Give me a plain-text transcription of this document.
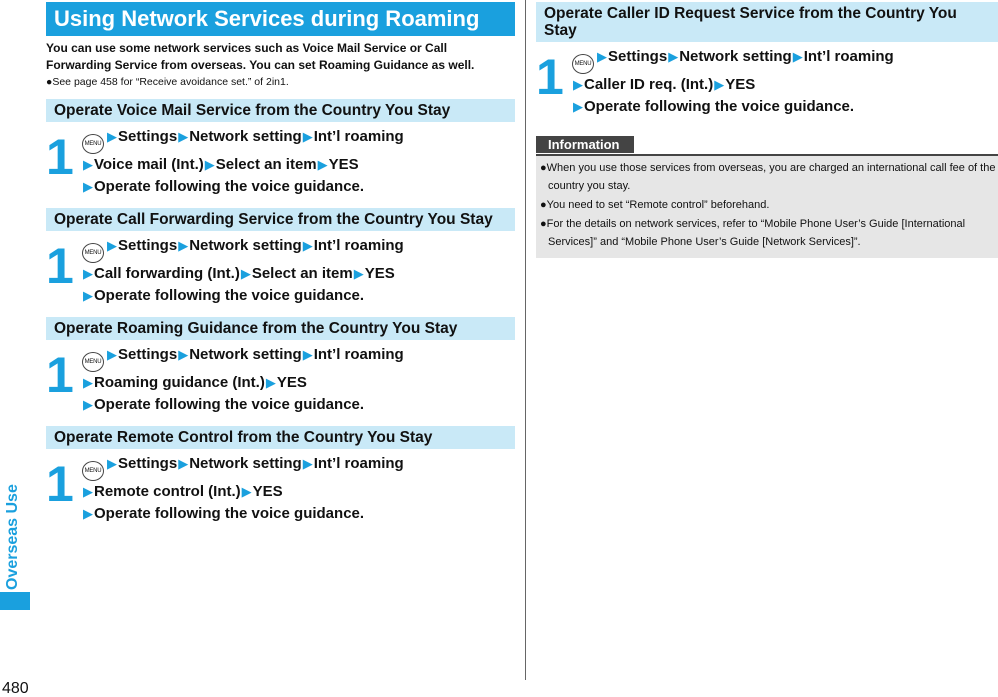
Overseas Use
480
Using Network Services during Roaming
You can use some network services such as Voice Mail Service or Call Forwarding Service from overseas. You can set Roaming Guidance as well.
●See page 458 for “Receive avoidance set.” of 2in1.
Operate Voice Mail Service from the Country You Stay
1	MENU ▶Settings▶Network setting▶Int’l roaming
▶Voice mail (Int.)▶Select an item▶YES
▶Operate following the voice guidance.
Operate Call Forwarding Service from the Country You Stay
1	MENU ▶Settings▶Network setting▶Int’l roaming
▶Call forwarding (Int.)▶Select an item▶YES
▶Operate following the voice guidance.
Operate Roaming Guidance from the Country You Stay
1	MENU ▶Settings▶Network setting▶Int’l roaming
▶Roaming guidance (Int.)▶YES
▶Operate following the voice guidance.
Operate Remote Control from the Country You Stay
1	MENU ▶Settings▶Network setting▶Int’l roaming
▶Remote control (Int.)▶YES
▶Operate following the voice guidance.
Operate Caller ID Request Service from the Country You Stay
1	MENU ▶Settings▶Network setting▶Int’l roaming
▶Caller ID req. (Int.)▶YES
▶Operate following the voice guidance.
Information
●When you use those services from overseas, you are charged an international call fee of the country you stay.
●You need to set “Remote control” beforehand.
●For the details on network services, refer to “Mobile Phone User’s Guide [International Services]” and “Mobile Phone User’s Guide [Network Services]”.
